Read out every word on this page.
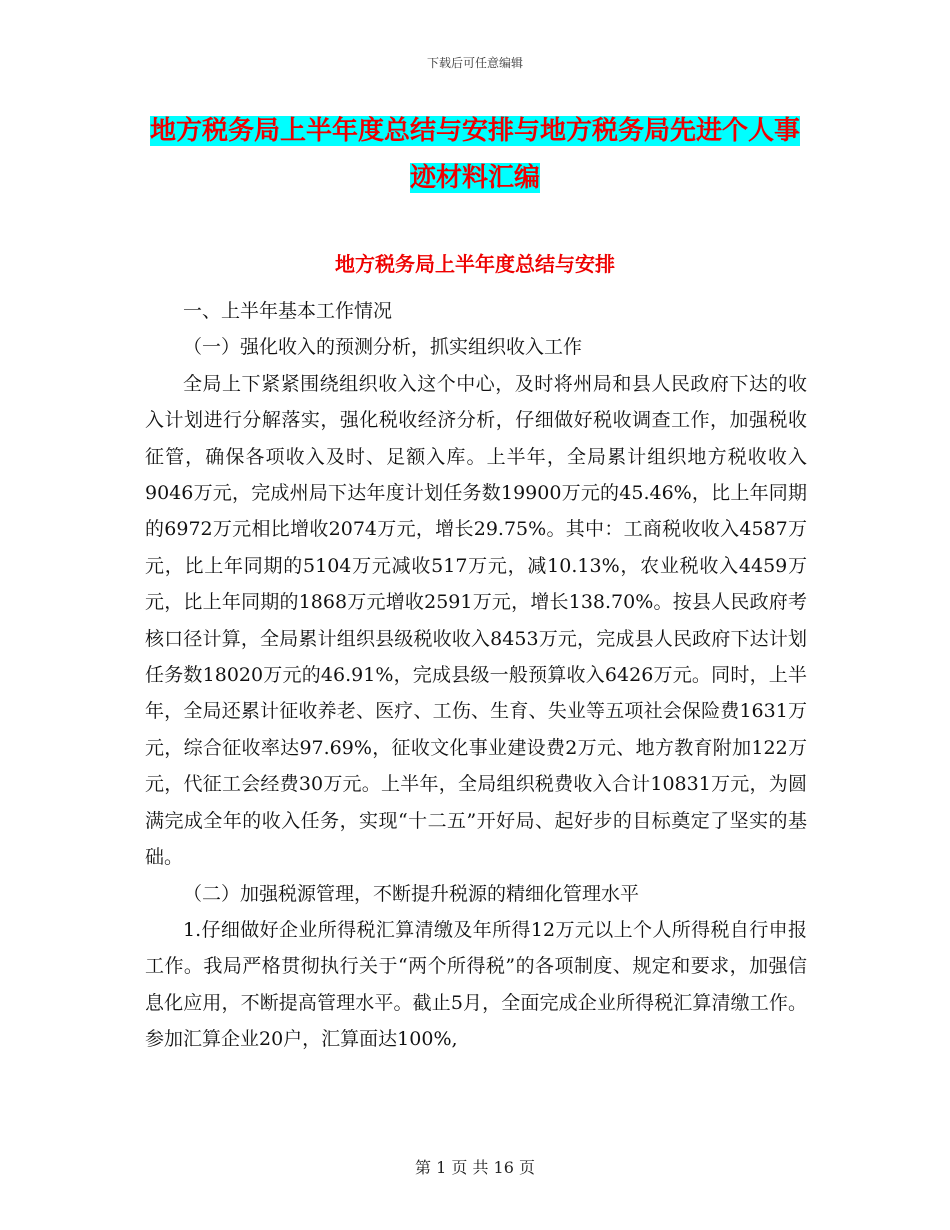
下载后可任意编辑
地方税务局上半年度总结与安排与地方税务局先进个人事迹材料汇编
地方税务局上半年度总结与安排

一、上半年基本工作情况

（一）强化收入的预测分析，抓实组织收入工作

全局上下紧紧围绕组织收入这个中心，及时将州局和县人民政府下达的收入计划进行分解落实，强化税收经济分析，仔细做好税收调查工作，加强税收征管，确保各项收入及时、足额入库。上半年，全局累计组织地方税收收入9046万元，完成州局下达年度计划任务数19900万元的45.46%，比上年同期的6972万元相比增收2074万元，增长29.75%。其中：工商税收收入4587万元，比上年同期的5104万元减收517万元，减10.13%，农业税收入4459万元，比上年同期的1868万元增收2591万元，增长138.70%。按县人民政府考核口径计算，全局累计组织县级税收收入8453万元，完成县人民政府下达计划任务数18020万元的46.91%，完成县级一般预算收入6426万元。同时，上半年，全局还累计征收养老、医疗、工伤、生育、失业等五项社会保险费1631万元，综合征收率达97.69%，征收文化事业建设费2万元、地方教育附加122万元，代征工会经费30万元。上半年，全局组织税费收入合计10831万元，为圆满完成全年的收入任务，实现“十二五”开好局、起好步的目标奠定了坚实的基础。

（二）加强税源管理，不断提升税源的精细化管理水平

1.仔细做好企业所得税汇算清缴及年所得12万元以上个人所得税自行申报工作。我局严格贯彻执行关于“两个所得税”的各项制度、规定和要求，加强信息化应用，不断提高管理水平。截止5月，全面完成企业所得税汇算清缴工作。参加汇算企业20户，汇算面达100%,

第 1 页 共 16 页
